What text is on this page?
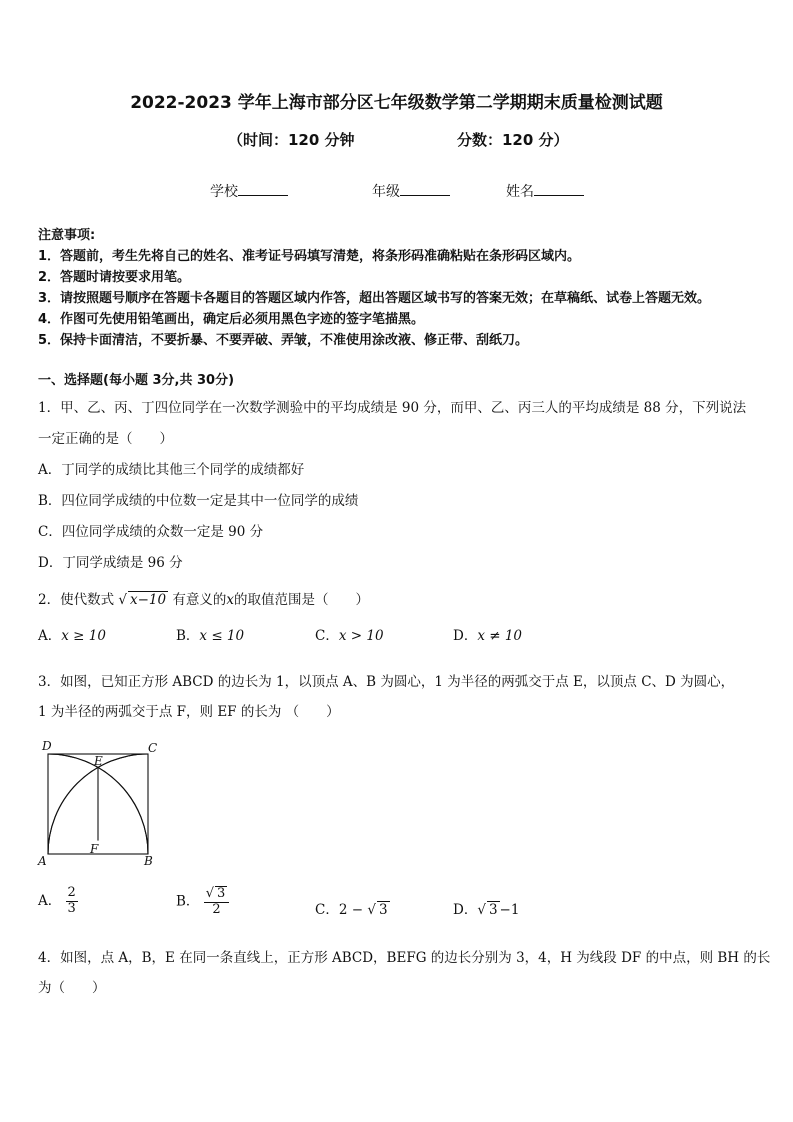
2022-2023 学年上海市部分区七年级数学第二学期期末质量检测试题
（时间：120 分钟	分数：120 分）
学校	年级	姓名
注意事项:
1．答题前，考生先将自己的姓名、准考证号码填写清楚，将条形码准确粘贴在条形码区域内。
2．答题时请按要求用笔。
3．请按照题号顺序在答题卡各题目的答题区域内作答，超出答题区域书写的答案无效；在草稿纸、试卷上答题无效。
4．作图可先使用铅笔画出，确定后必须用黑色字迹的签字笔描黑。
5．保持卡面清洁，不要折暴、不要弄破、弄皱，不准使用涂改液、修正带、刮纸刀。
一、选择题(每小题 3分,共 30分)
1．甲、乙、丙、丁四位同学在一次数学测验中的平均成绩是 90 分，而甲、乙、丙三人的平均成绩是 88 分，下列说法
一定正确的是（　　）
A．丁同学的成绩比其他三个同学的成绩都好
B．四位同学成绩的中位数一定是其中一位同学的成绩
C．四位同学成绩的众数一定是 90 分
D．丁同学成绩是 96 分
2．使代数式 √ x−10 有意义的x的取值范围是（　　）
A．x ≥ 10	B．x ≤ 10	C．x > 10	D．x ≠ 10
3．如图，已知正方形 ABCD 的边长为 1，以顶点 A、B 为圆心，1 为半径的两弧交于点 E，以顶点 C、D 为圆心，
1 为半径的两弧交于点 F，则 EF 的长为 （　　）
D	C
E
F
A	B
A． $\frac{2}{3}$	B． $\frac{√ 3}{2}$	C．2 − √ 3	D．√ 3 −1
4．如图，点 A，B，E 在同一条直线上，正方形 ABCD，BEFG 的边长分别为 3，4，H 为线段 DF 的中点，则 BH 的长
为（　　）
